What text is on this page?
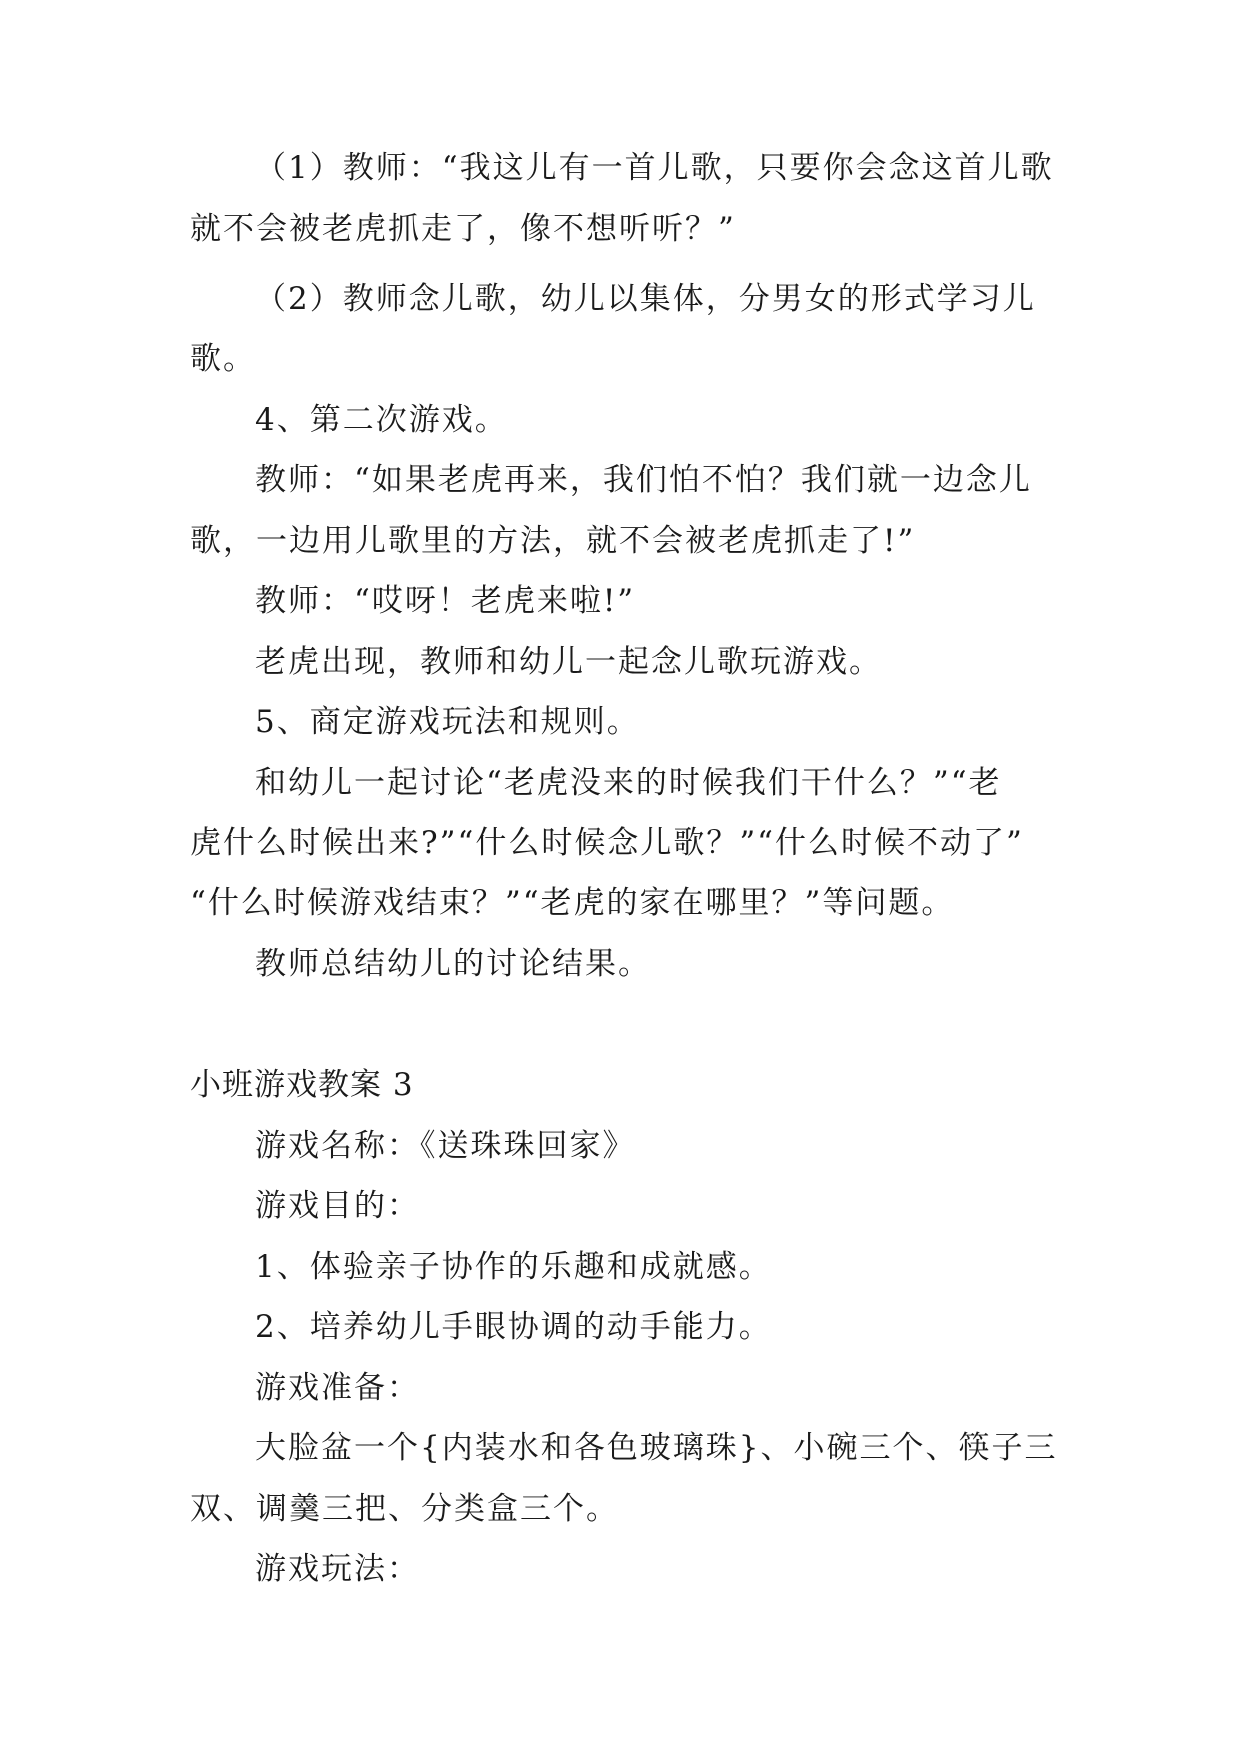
（1）教师：“我这儿有一首儿歌，只要你会念这首儿歌
就不会被老虎抓走了，像不想听听？”
（2）教师念儿歌，幼儿以集体，分男女的形式学习儿
歌。
4、第二次游戏。
教师：“如果老虎再来，我们怕不怕？我们就一边念儿
歌，一边用儿歌里的方法，就不会被老虎抓走了!”
教师：“哎呀！老虎来啦!”
老虎出现，教师和幼儿一起念儿歌玩游戏。
5、商定游戏玩法和规则。
和幼儿一起讨论“老虎没来的时候我们干什么？”“老
虎什么时候出来?”“什么时候念儿歌？”“什么时候不动了”
“什么时候游戏结束？”“老虎的家在哪里？”等问题。
教师总结幼儿的讨论结果。
小班游戏教案 3
游戏名称：《送珠珠回家》
游戏目的：
1、体验亲子协作的乐趣和成就感。
2、培养幼儿手眼协调的动手能力。
游戏准备：
大脸盆一个{内装水和各色玻璃珠}、小碗三个、筷子三
双、调羹三把、分类盒三个。
游戏玩法：
